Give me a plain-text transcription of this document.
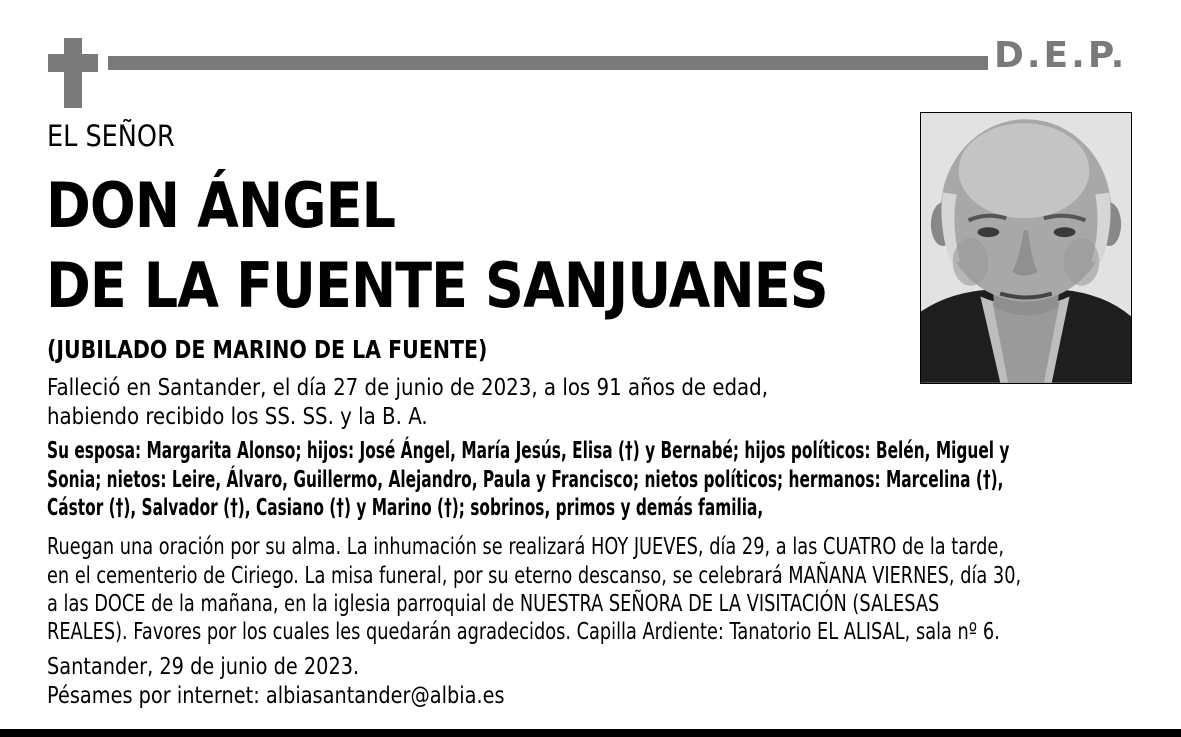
D.E.P.
EL SEÑOR
DON ÁNGEL
DE LA FUENTE SANJUANES
(JUBILADO DE MARINO DE LA FUENTE)
Falleció en Santander, el día 27 de junio de 2023, a los 91 años de edad,
habiendo recibido los SS. SS. y la B. A.
Su esposa: Margarita Alonso; hijos: José Ángel, María Jesús, Elisa (†) y Bernabé; hijos políticos: Belén, Miguel y
Sonia; nietos: Leire, Álvaro, Guillermo, Alejandro, Paula y Francisco; nietos políticos; hermanos: Marcelina (†),
Cástor (†), Salvador (†), Casiano (†) y Marino (†); sobrinos, primos y demás familia,
Ruegan una oración por su alma. La inhumación se realizará HOY JUEVES, día 29, a las CUATRO de la tarde,
en el cementerio de Ciriego. La misa funeral, por su eterno descanso, se celebrará MAÑANA VIERNES, día 30,
a las DOCE de la mañana, en la iglesia parroquial de NUESTRA SEÑORA DE LA VISITACIÓN (SALESAS
REALES). Favores por los cuales les quedarán agradecidos. Capilla Ardiente: Tanatorio EL ALISAL, sala nº 6.
Santander, 29 de junio de 2023.
Pésames por internet: albiasantander@albia.es
